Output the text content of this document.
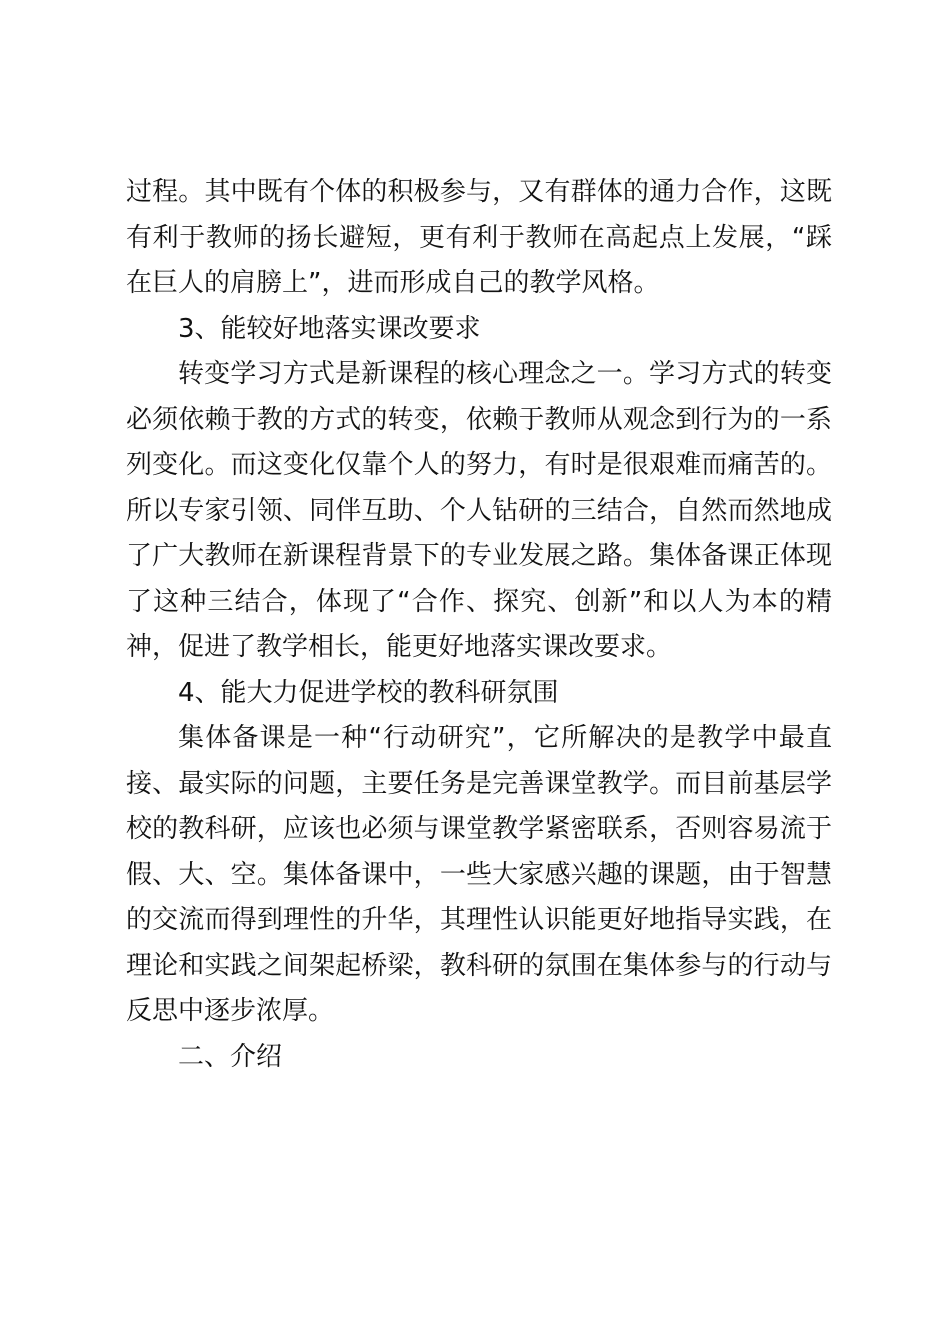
过程。其中既有个体的积极参与，又有群体的通力合作，这既
有利于教师的扬长避短，更有利于教师在高起点上发展，“踩
在巨人的肩膀上”，进而形成自己的教学风格。
3、能较好地落实课改要求
转变学习方式是新课程的核心理念之一。学习方式的转变
必须依赖于教的方式的转变，依赖于教师从观念到行为的一系
列变化。而这变化仅靠个人的努力，有时是很艰难而痛苦的。
所以专家引领、同伴互助、个人钻研的三结合，自然而然地成
了广大教师在新课程背景下的专业发展之路。集体备课正体现
了这种三结合，体现了“合作、探究、创新”和以人为本的精
神，促进了教学相长，能更好地落实课改要求。
4、能大力促进学校的教科研氛围
集体备课是一种“行动研究”，它所解决的是教学中最直
接、最实际的问题，主要任务是完善课堂教学。而目前基层学
校的教科研，应该也必须与课堂教学紧密联系，否则容易流于
假、大、空。集体备课中，一些大家感兴趣的课题，由于智慧
的交流而得到理性的升华，其理性认识能更好地指导实践，在
理论和实践之间架起桥梁，教科研的氛围在集体参与的行动与
反思中逐步浓厚。
二、介绍
